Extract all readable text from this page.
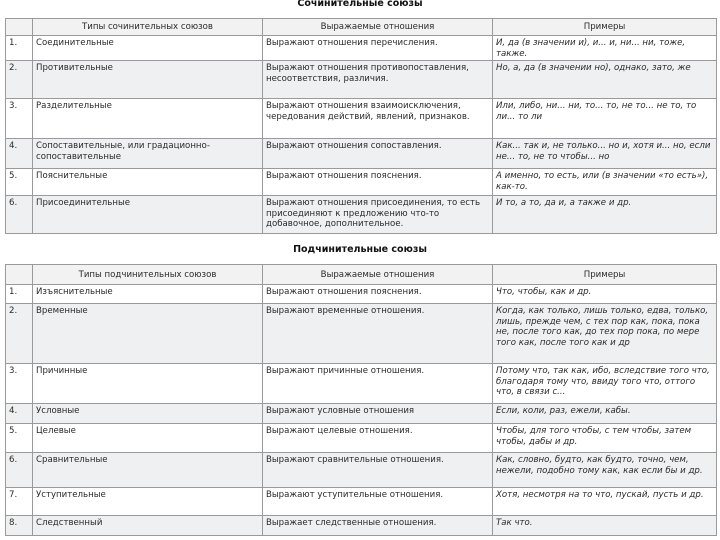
Сочинительные союзы
	Типы сочинительных союзов	Выражаемые отношения	Примеры
1.	Соединительные	Выражают отношения перечисления.	И, да (в значении и), и... и, ни... ни, тоже, также.
2.	Противительные	Выражают отношения противопоставления, несоответствия, различия.	Но, а, да (в значении но), однако, зато, же
3.	Разделительные	Выражают отношения взаимоисключения, чередования действий, явлений, признаков.	Или, либо, ни... ни, то... то, не то... не то, то ли... то ли
4.	Сопоставительные, или градационно-сопоставительные	Выражают отношения сопоставления.	Как... так и, не только... но и, хотя и... но, если не... то, не то чтобы... но
5.	Пояснительные	Выражают отношения пояснения.	А именно, то есть, или (в значении «то есть»), как-то.
6.	Присоединительные	Выражают отношения присоединения, то есть присоединяют к предложению что-то добавочное, дополнительное.	И то, а то, да и, а также и др.
Подчинительные союзы
	Типы подчинительных союзов	Выражаемые отношения	Примеры
1.	Изъяснительные	Выражают отношения пояснения.	Что, чтобы, как и др.
2.	Временные	Выражают временные отношения.	Когда, как только, лишь только, едва, только, лишь, прежде чем, с тех пор как, пока, пока не, после того как, до тех пор пока, по мере того как, после того как и др
3.	Причинные	Выражают причинные отношения.	Потому что, так как, ибо, вследствие того что, благодаря тому что, ввиду того что, оттого что, в связи с...
4.	Условные	Выражают условные отношения	Если, коли, раз, ежели, кабы.
5.	Целевые	Выражают целевые отношения.	Чтобы, для того чтобы, с тем чтобы, затем чтобы, дабы и др.
6.	Сравнительные	Выражают сравнительные отношения.	Как, словно, будто, как будто, точно, чем, нежели, подобно тому как, как если бы и др.
7.	Уступительные	Выражают уступительные отношения.	Хотя, несмотря на то что, пускай, пусть и др.
8.	Следственный	Выражает следственные отношения.	Так что.
